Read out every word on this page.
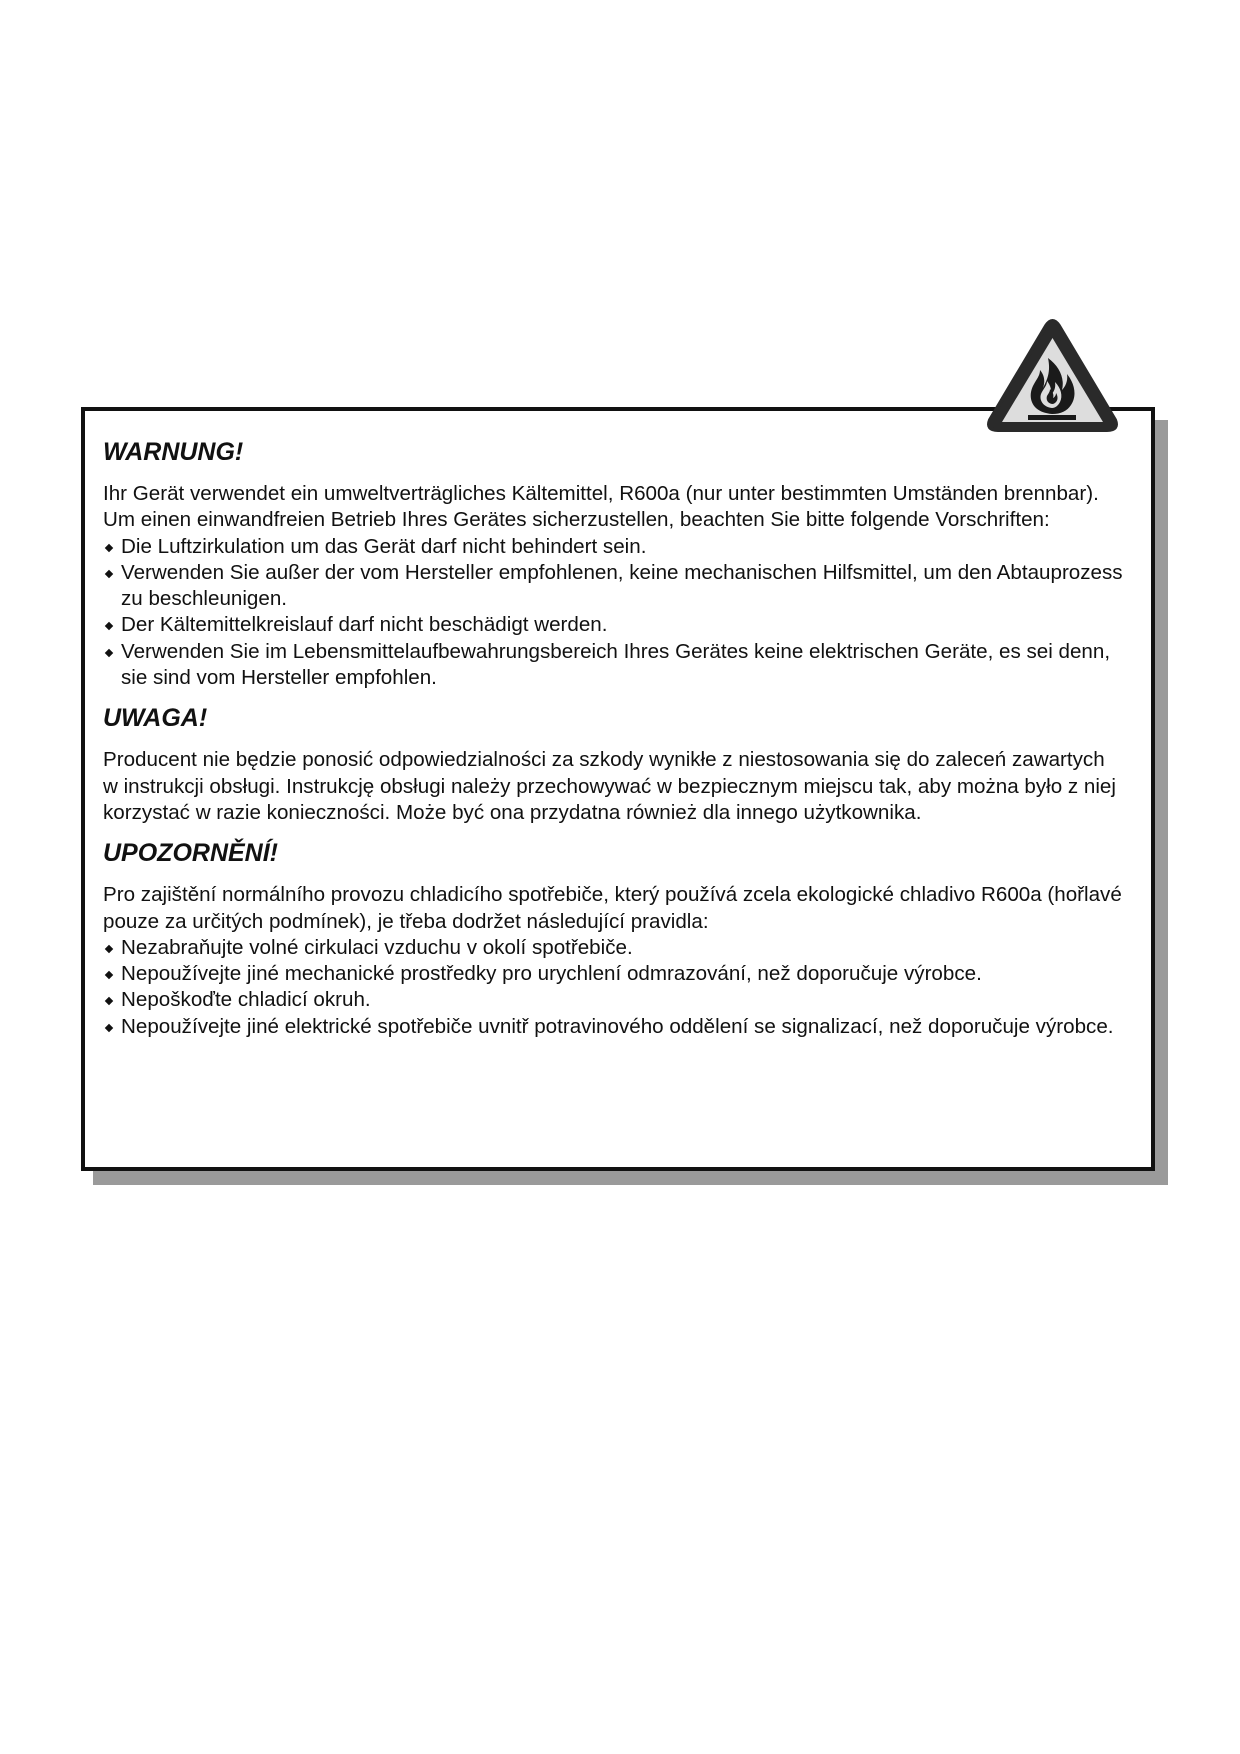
WARNUNG!

Ihr Gerät verwendet ein umweltverträgliches Kältemittel, R600a (nur unter bestimmten Umständen brennbar). Um einen einwandfreien Betrieb Ihres Gerätes sicherzustellen, beachten Sie bitte folgende Vorschriften:

Die Luftzirkulation um das Gerät darf nicht behindert sein.
Verwenden Sie außer der vom Hersteller empfohlenen, keine mechanischen Hilfsmittel, um den Abtauprozess zu beschleunigen.
Der Kältemittelkreislauf darf nicht beschädigt werden.
Verwenden Sie im Lebensmittelaufbewahrungsbereich Ihres Gerätes keine elektrischen Geräte, es sei denn, sie sind vom Hersteller empfohlen.
UWAGA!

Producent nie będzie ponosić odpowiedzialności za szkody wynikłe z niestosowania się do zaleceń zawartych

w instrukcji obsługi. Instrukcję obsługi należy przechowywać w bezpiecznym miejscu tak, aby można było z niej

korzystać w razie konieczności. Może być ona przydatna również dla innego użytkownika.

UPOZORNĚNÍ!

Pro zajištění normálního provozu chladicího spotřebiče, který používá zcela ekologické chladivo R600a (hořlavé pouze za určitých podmínek), je třeba dodržet následující pravidla:

Nezabraňujte volné cirkulaci vzduchu v okolí spotřebiče.
Nepoužívejte jiné mechanické prostředky pro urychlení odmrazování, než doporučuje výrobce.
Nepoškoďte chladicí okruh.
Nepoužívejte jiné elektrické spotřebiče uvnitř potravinového oddělení se signalizací, než doporučuje výrobce.
